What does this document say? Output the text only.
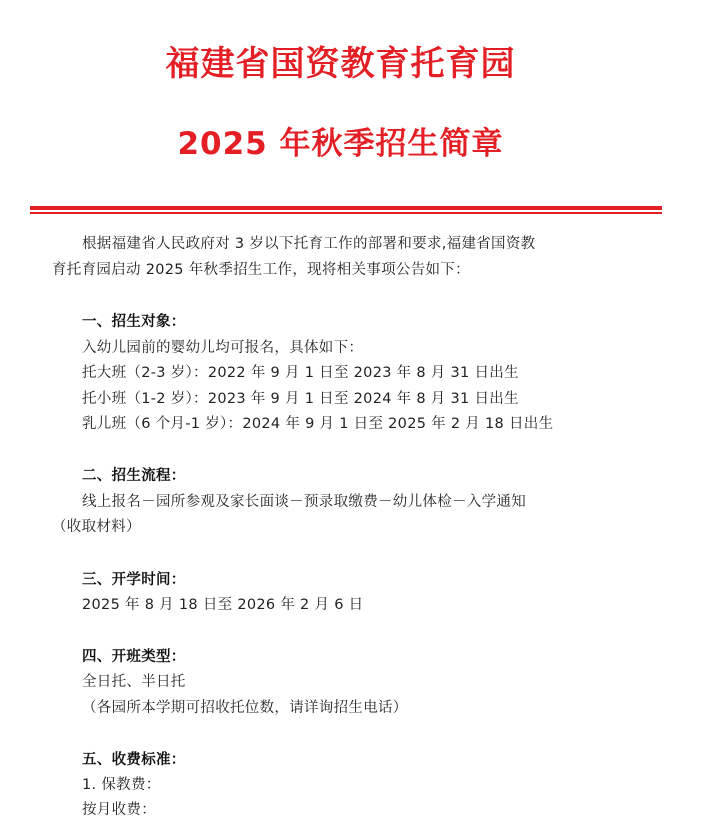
福建省国资教育托育园
2025 年秋季招生简章
根据福建省人民政府对 3 岁以下托育工作的部署和要求,福建省国资教
育托育园启动 2025 年秋季招生工作，现将相关事项公告如下：
一、招生对象：
入幼儿园前的婴幼儿均可报名，具体如下：
托大班（2-3 岁）：2022 年 9 月 1 日至 2023 年 8 月 31 日出生
托小班（1-2 岁）：2023 年 9 月 1 日至 2024 年 8 月 31 日出生
乳儿班（6 个月-1 岁）：2024 年 9 月 1 日至 2025 年 2 月 18 日出生
二、招生流程：
线上报名－园所参观及家长面谈－预录取缴费－幼儿体检－入学通知
（收取材料）
三、开学时间：
2025 年 8 月 18 日至 2026 年 2 月 6 日
四、开班类型：
全日托、半日托
（各园所本学期可招收托位数，请详询招生电话）
五、收费标准：
1. 保教费：
按月收费：
